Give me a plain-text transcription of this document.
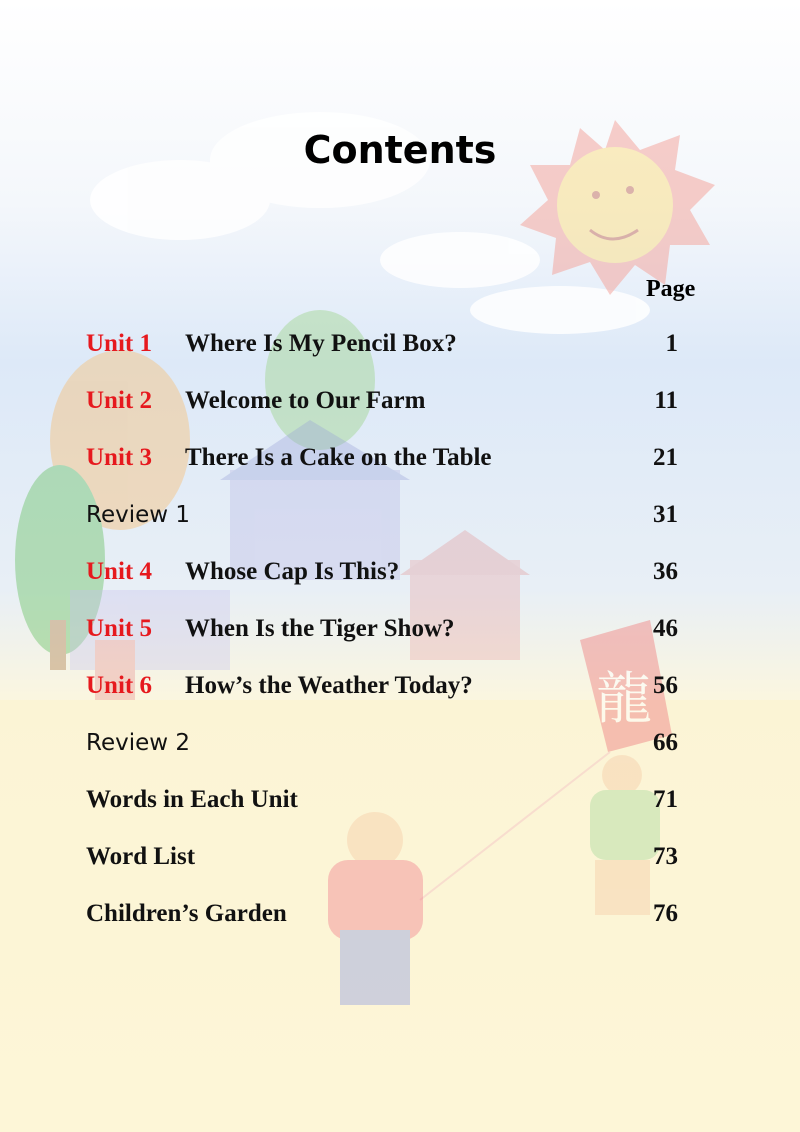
龍
Contents
Page
Unit 1 Where Is My Pencil Box?	1
Unit 2 Welcome to Our Farm	11
Unit 3 There Is a Cake on the Table	21
Review 1	31
Unit 4 Whose Cap Is This?	36
Unit 5 When Is the Tiger Show?	46
Unit 6 How’s the Weather Today?	56
Review 2	66
Words in Each Unit	71
Word List	73
Children’s Garden	76
